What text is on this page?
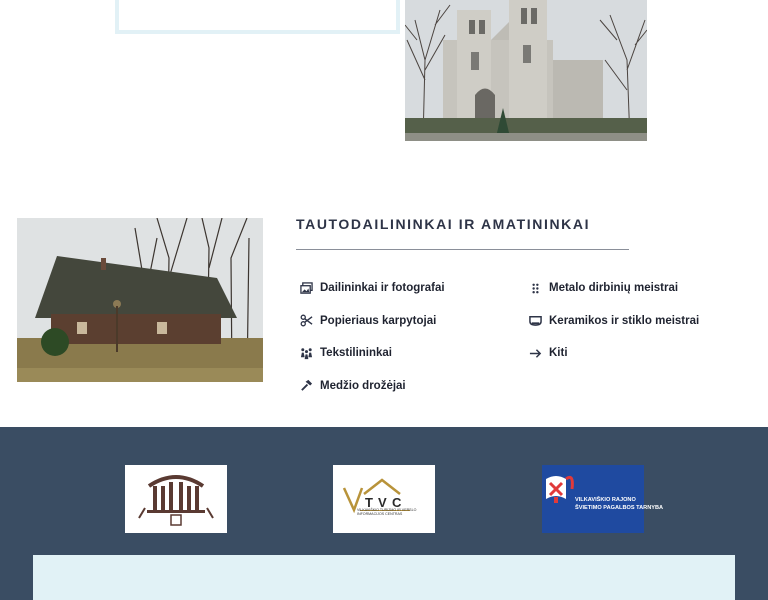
TAUTODAILININKAI IR AMATININKAI
Dailininkai ir fotografai
Popieriaus karpytojai
Tekstilininkai
Medžio drožėjai
Metalo dirbinių meistrai
Keramikos ir stiklo meistrai
Kiti
T V C
VILKAVIŠKIO TURIZMO IR VERSLO
INFORMACIJOS CENTRAS
VILKAVIŠKIO RAJONO
ŠVIETIMO PAGALBOS TARNYBA
